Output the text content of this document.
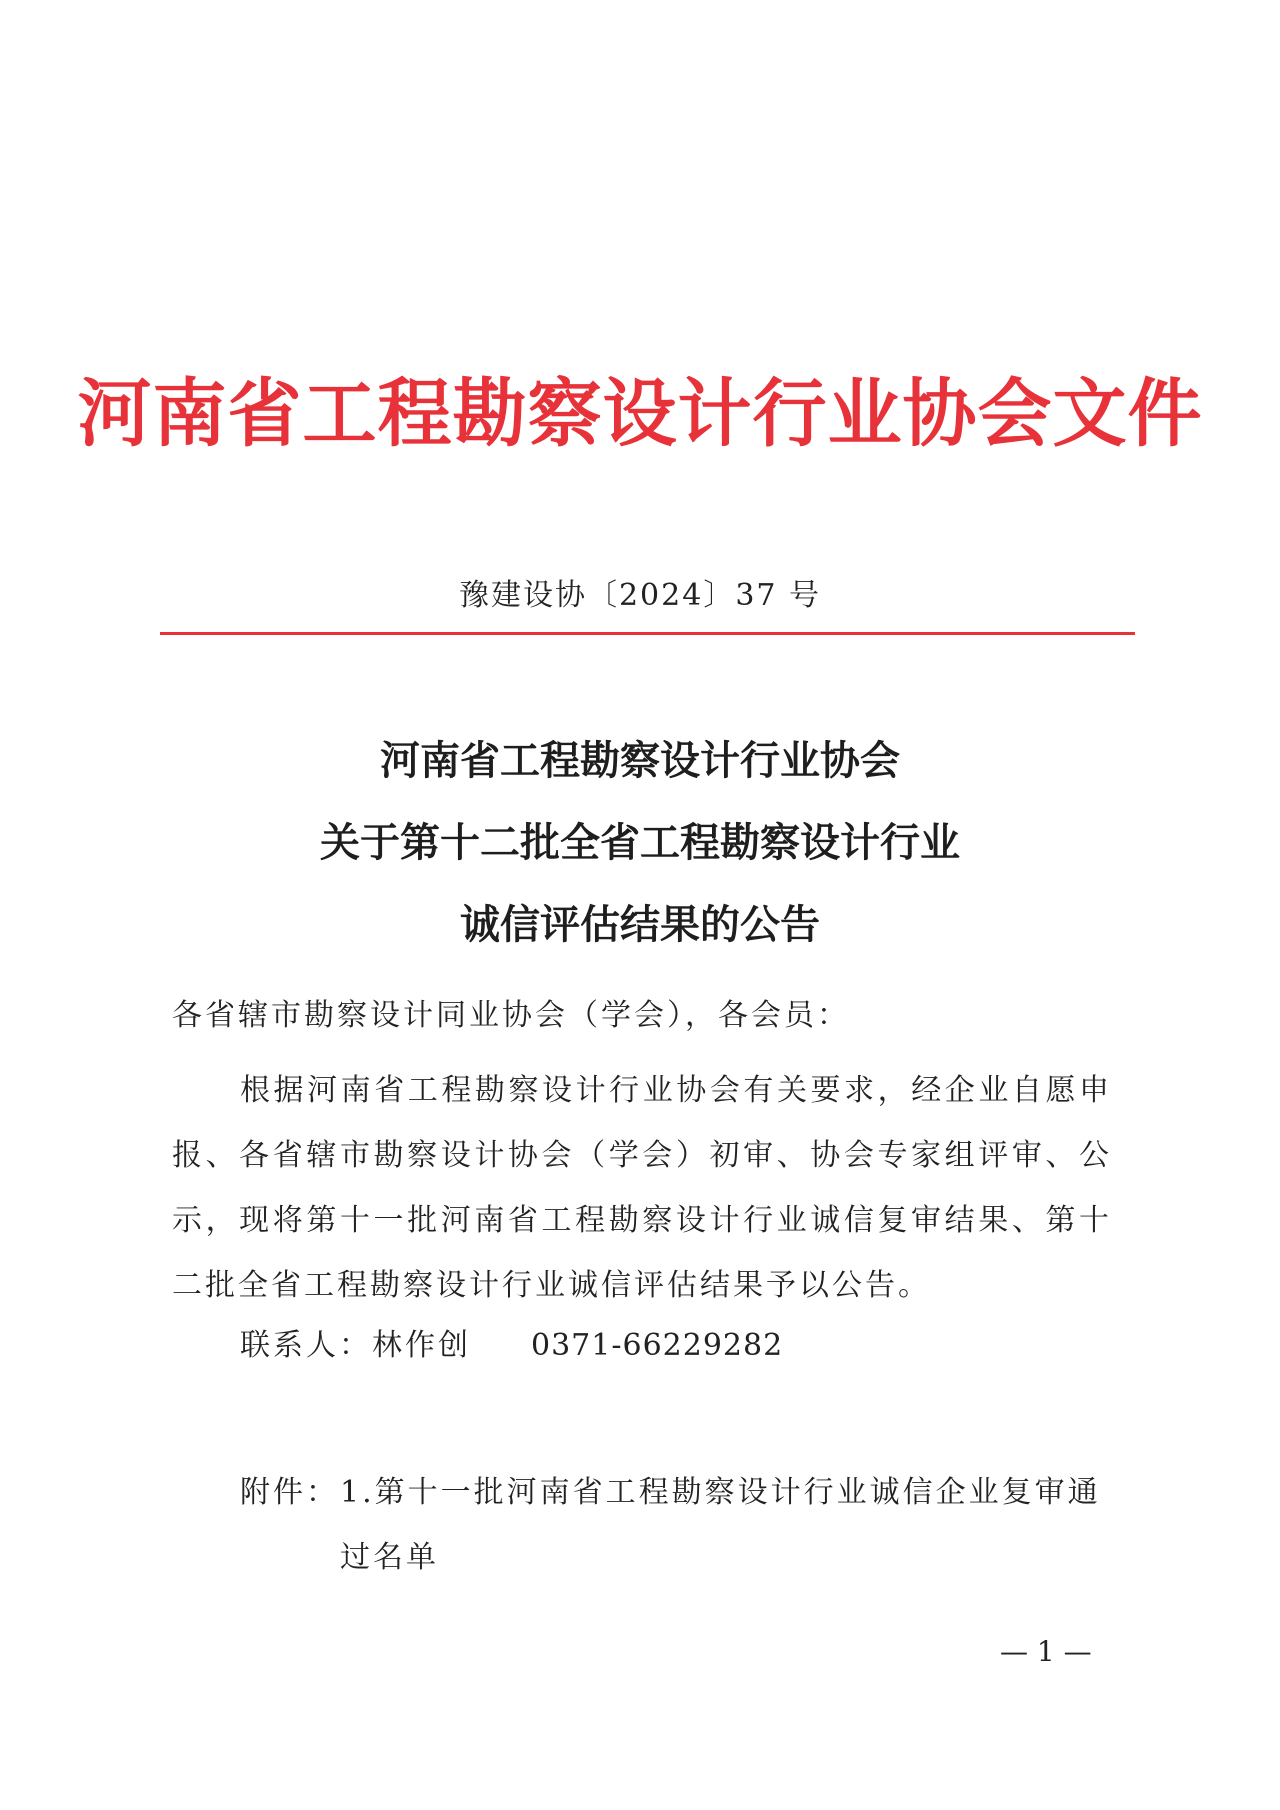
河南省工程勘察设计行业协会文件
豫建设协〔2024〕37 号
河南省工程勘察设计行业协会
关于第十二批全省工程勘察设计行业
诚信评估结果的公告
各省辖市勘察设计同业协会（学会），各会员：
根据河南省工程勘察设计行业协会有关要求，经企业自愿申报、各省辖市勘察设计协会（学会）初审、协会专家组评审、公示，现将第十一批河南省工程勘察设计行业诚信复审结果、第十二批全省工程勘察设计行业诚信评估结果予以公告。
联系人：林作创 0371-66229282
附件： 1.第十一批河南省工程勘察设计行业诚信企业复审通过名单
— 1 —
